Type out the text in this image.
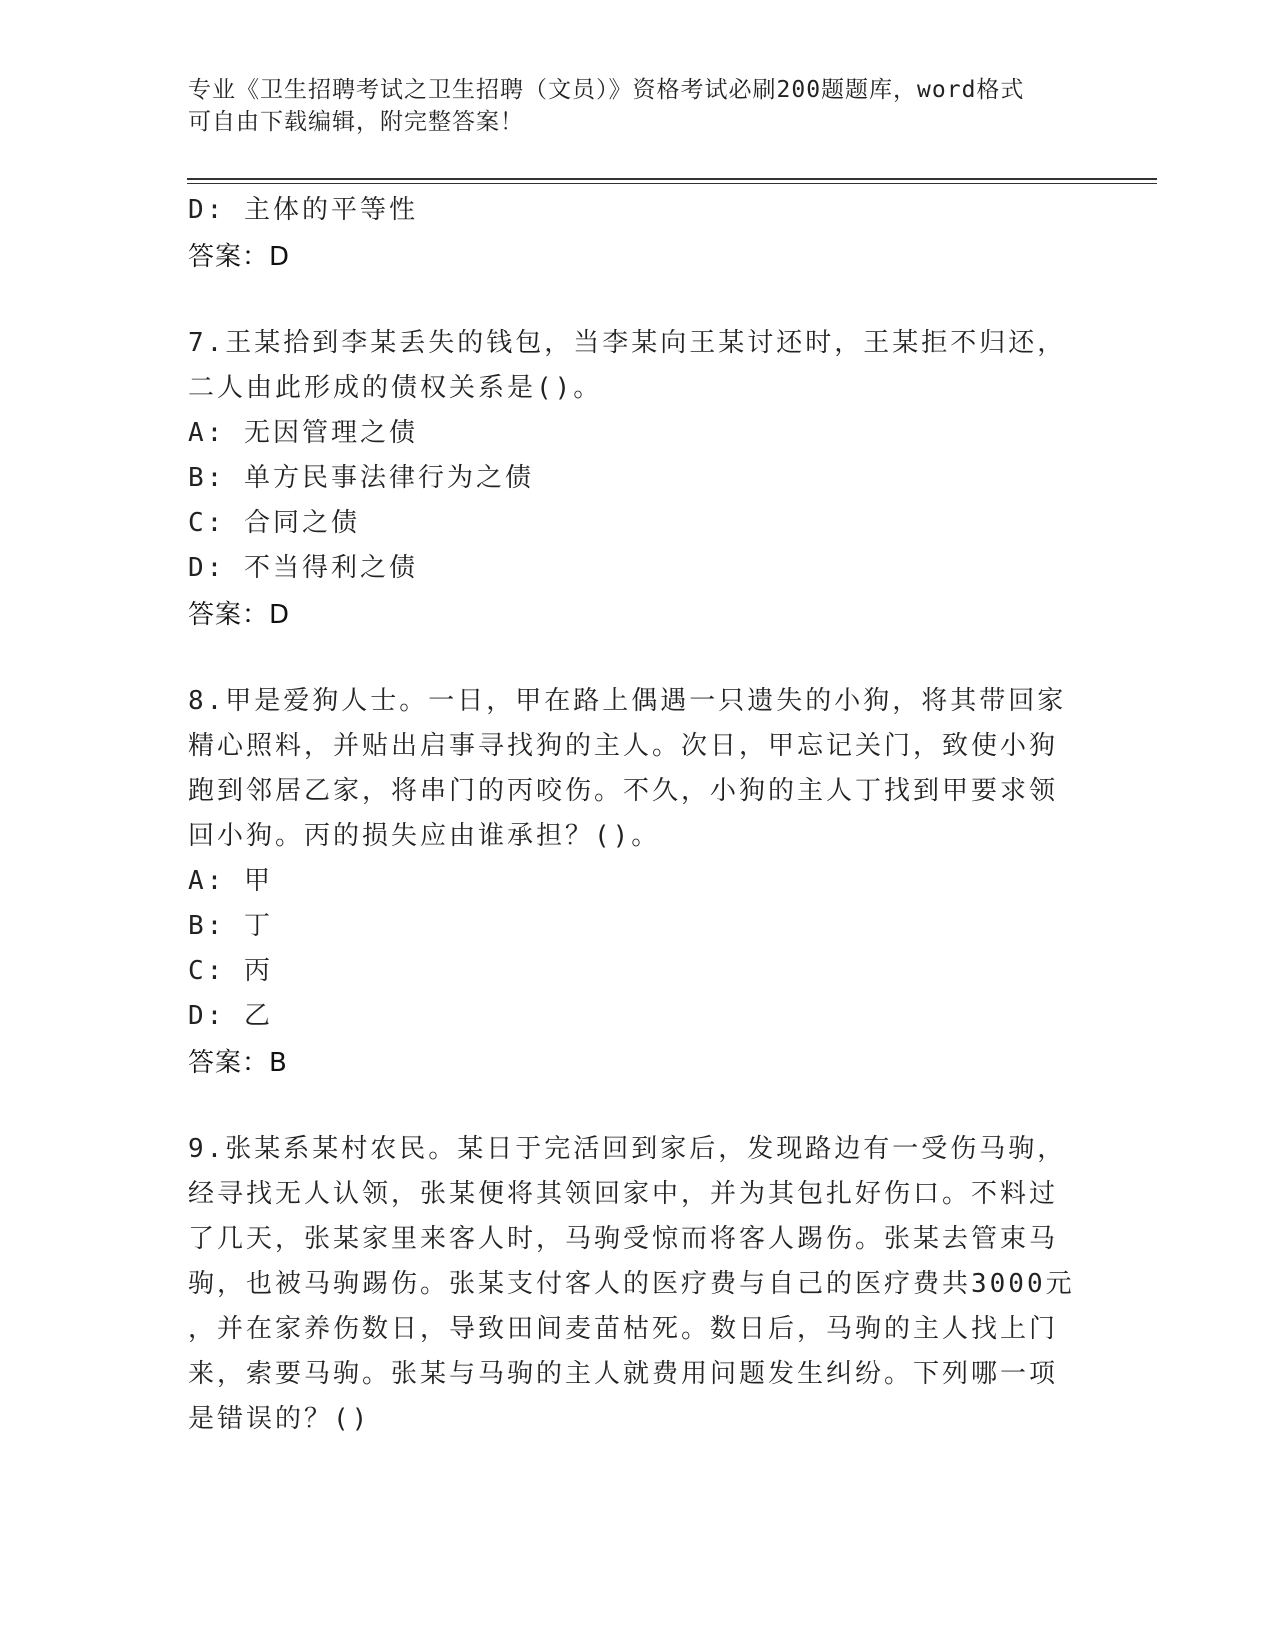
专业《卫生招聘考试之卫生招聘（文员）》资格考试必刷200题题库，word格式
可自由下载编辑，附完整答案！
D: 主体的平等性
答案：D
7.王某拾到李某丢失的钱包，当李某向王某讨还时，王某拒不归还，
二人由此形成的债权关系是()。
A: 无因管理之债
B: 单方民事法律行为之债
C: 合同之债
D: 不当得利之债
答案：D
8.甲是爱狗人士。一日，甲在路上偶遇一只遗失的小狗，将其带回家
精心照料，并贴出启事寻找狗的主人。次日，甲忘记关门，致使小狗
跑到邻居乙家，将串门的丙咬伤。不久，小狗的主人丁找到甲要求领
回小狗。丙的损失应由谁承担？()。
A: 甲
B: 丁
C: 丙
D: 乙
答案：B
9.张某系某村农民。某日于完活回到家后，发现路边有一受伤马驹，
经寻找无人认领，张某便将其领回家中，并为其包扎好伤口。不料过
了几天，张某家里来客人时，马驹受惊而将客人踢伤。张某去管束马
驹，也被马驹踢伤。张某支付客人的医疗费与自己的医疗费共3000元
，并在家养伤数日，导致田间麦苗枯死。数日后，马驹的主人找上门
来，索要马驹。张某与马驹的主人就费用问题发生纠纷。下列哪一项
是错误的？()
